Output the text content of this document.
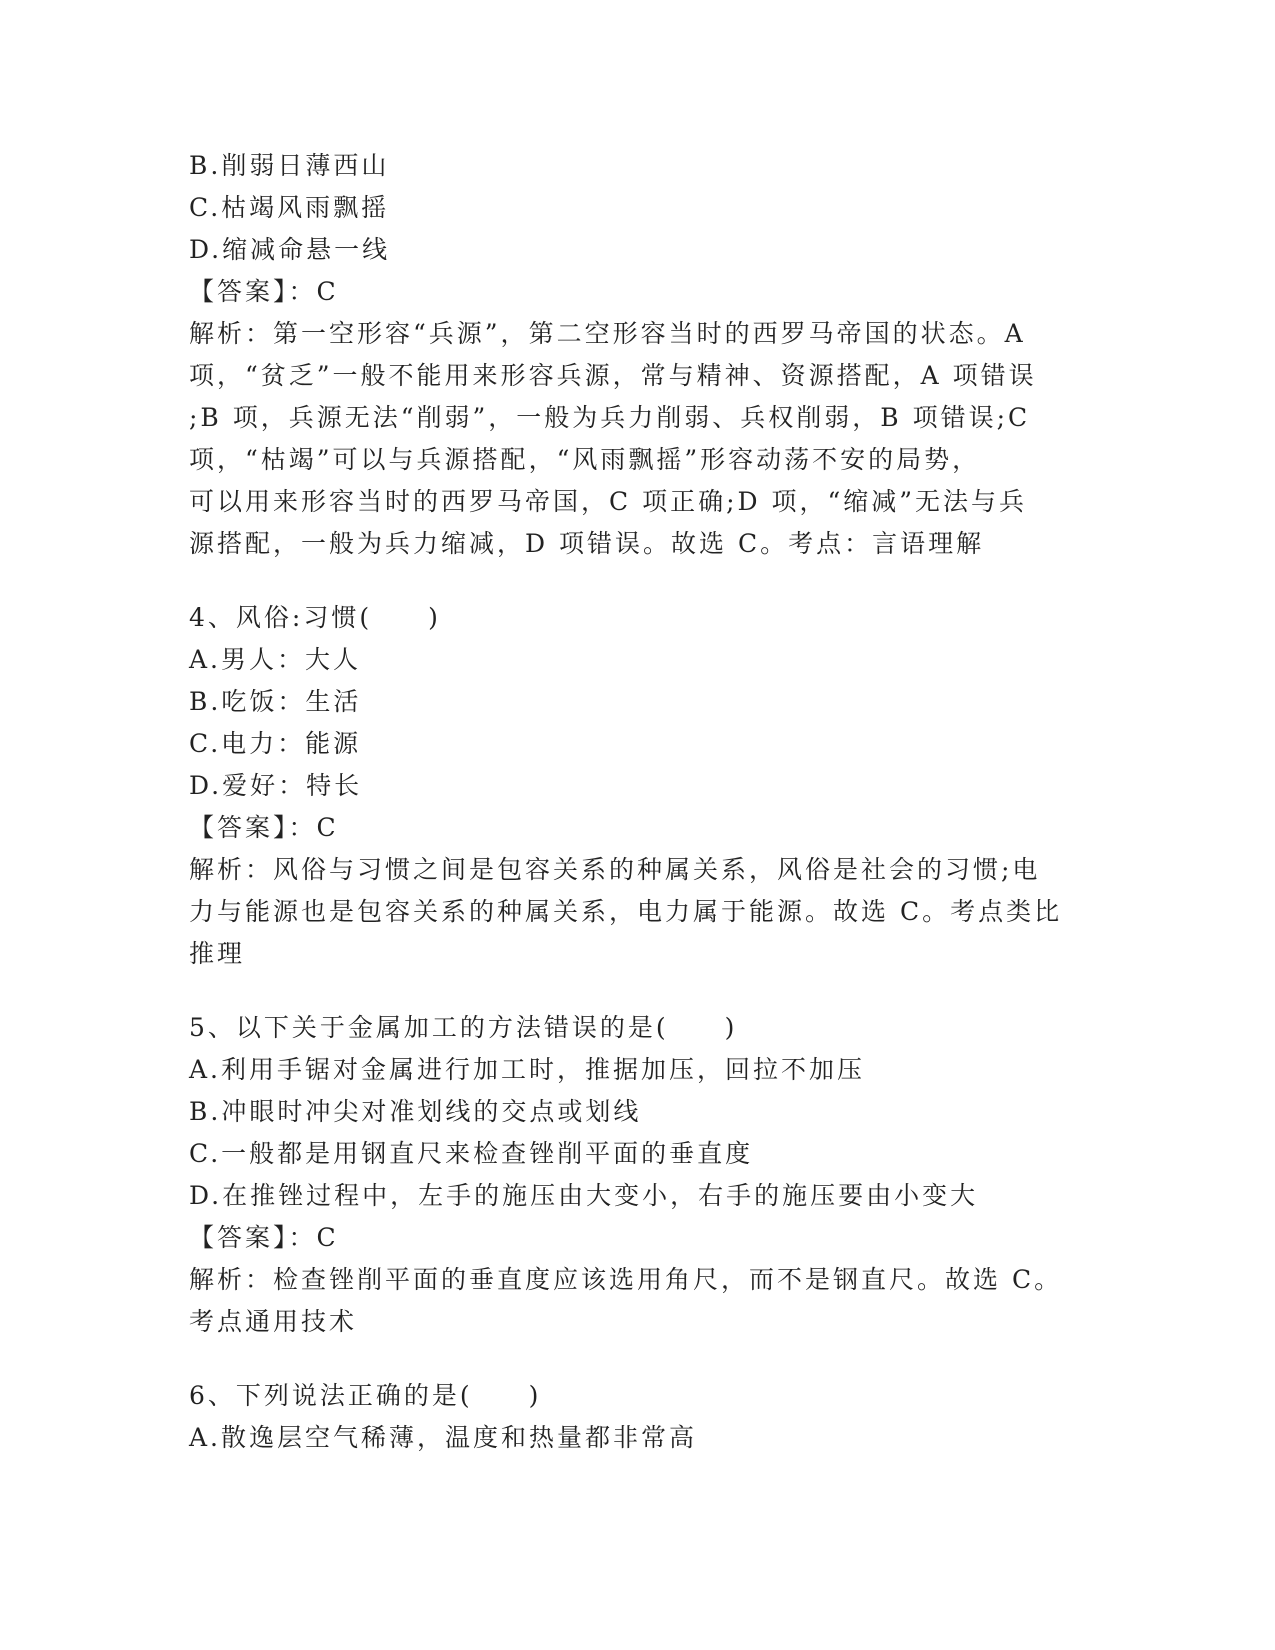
B.削弱日薄西山
C.枯竭风雨飘摇
D.缩减命悬一线
【答案】：C
解析：第一空形容“兵源”，第二空形容当时的西罗马帝国的状态。A
项，“贫乏”一般不能用来形容兵源，常与精神、资源搭配，A 项错误
;B 项，兵源无法“削弱”，一般为兵力削弱、兵权削弱，B 项错误;C
项，“枯竭”可以与兵源搭配，“风雨飘摇”形容动荡不安的局势，
可以用来形容当时的西罗马帝国，C 项正确;D 项，“缩减”无法与兵
源搭配，一般为兵力缩减，D 项错误。故选 C。考点：言语理解
4、风俗:习惯(　　)
A.男人：大人
B.吃饭：生活
C.电力：能源
D.爱好：特长
【答案】：C
解析：风俗与习惯之间是包容关系的种属关系，风俗是社会的习惯;电
力与能源也是包容关系的种属关系，电力属于能源。故选 C。考点类比
推理
5、以下关于金属加工的方法错误的是(　　)
A.利用手锯对金属进行加工时，推据加压，回拉不加压
B.冲眼时冲尖对准划线的交点或划线
C.一般都是用钢直尺来检查锉削平面的垂直度
D.在推锉过程中，左手的施压由大变小，右手的施压要由小变大
【答案】：C
解析：检查锉削平面的垂直度应该选用角尺，而不是钢直尺。故选 C。
考点通用技术
6、下列说法正确的是(　　)
A.散逸层空气稀薄，温度和热量都非常高
